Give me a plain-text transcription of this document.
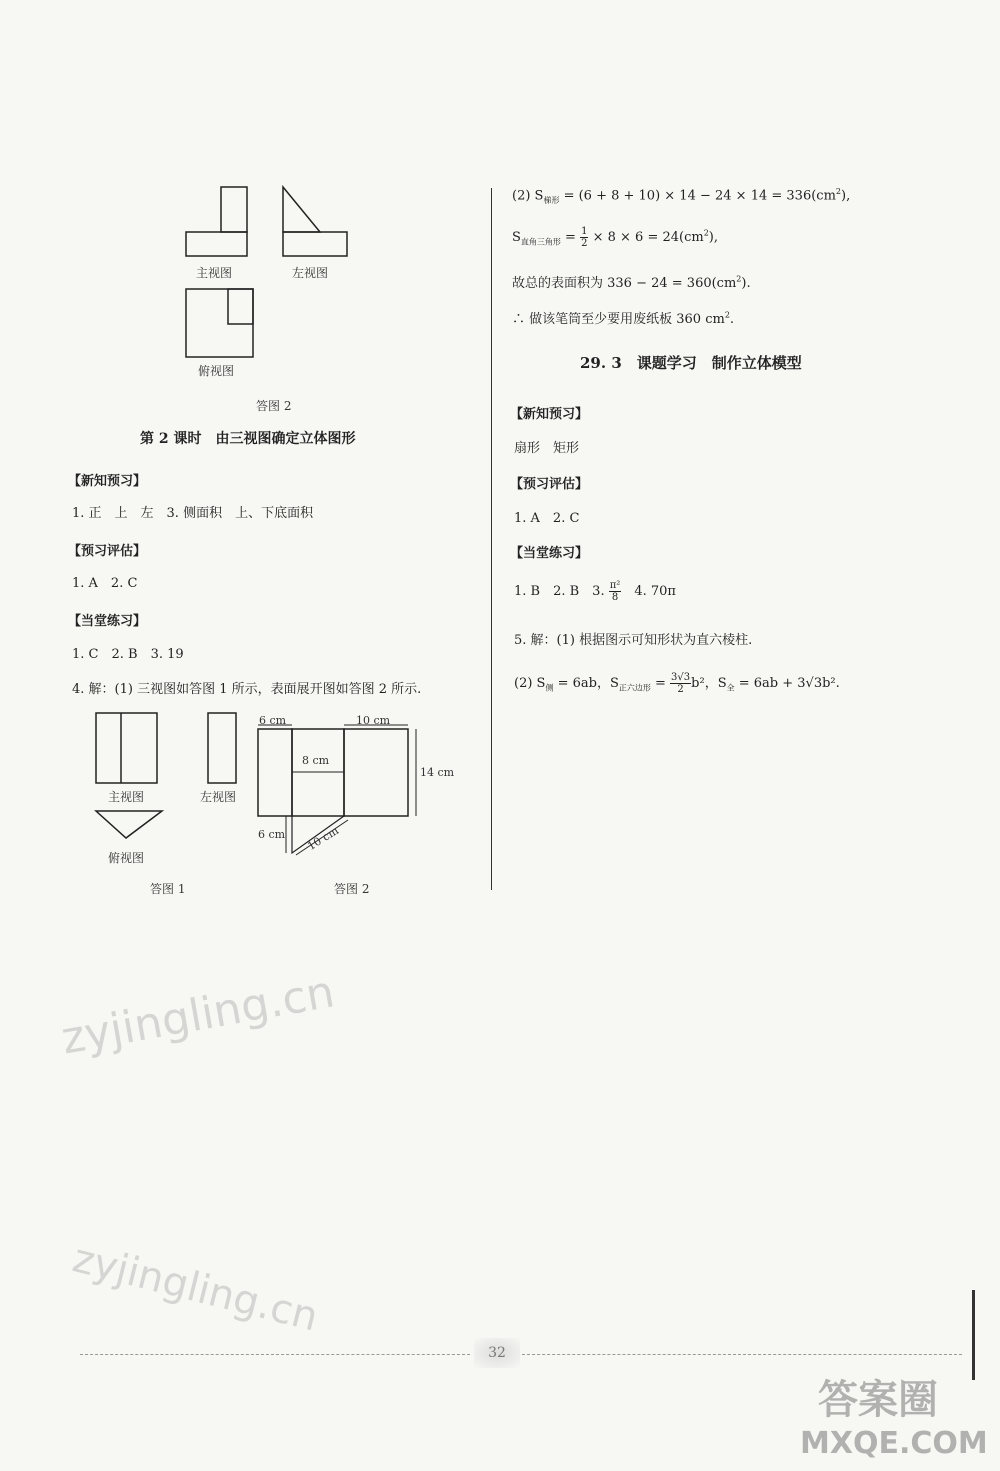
主视图	左视图
俯视图
答图 2
第 2 课时　由三视图确定立体图形
【新知预习】
1. 正　上　左　3. 侧面积　上、下底面积
【预习评估】
1. A　2. C
【当堂练习】
1. C　2. B　3. 19
4. 解：(1) 三视图如答图 1 所示，表面展开图如答图 2 所示.
主视图	左视图
俯视图
答图 1
6 cm	10 cm
8 cm
14 cm
6 cm 10 cm
答图 2
(2) $S_{梯形} = (6 + 8 + 10) \times 14 - 24 \times 14 = 336(cm^2)$,
$S_{直角三角形} = \frac{1}{2} \times 8 \times 6 = 24(cm^2)$,
故总的表面积为 $336 - 24 = 360(cm^2)$.
∴ 做该笔筒至少要用废纸板 360 $cm^2$.
29. 3　课题学习　制作立体模型
【新知预习】
扇形　矩形
【预习评估】
1. A　2. C
【当堂练习】
1. B　2. B　3. $\frac{\text{π²}}{8}$ 　4. 70π
5. 解：(1) 根据图示可知形状为直六棱柱.
(2) $S_侧 = 6ab$，$S_{正六边形} = \frac{3√3}{2} b^2$，$S_全 = 6ab + 3√3b^2$.
zyjingling.cn
zyjingling.cn
32
答案圈
MXQE.COM
